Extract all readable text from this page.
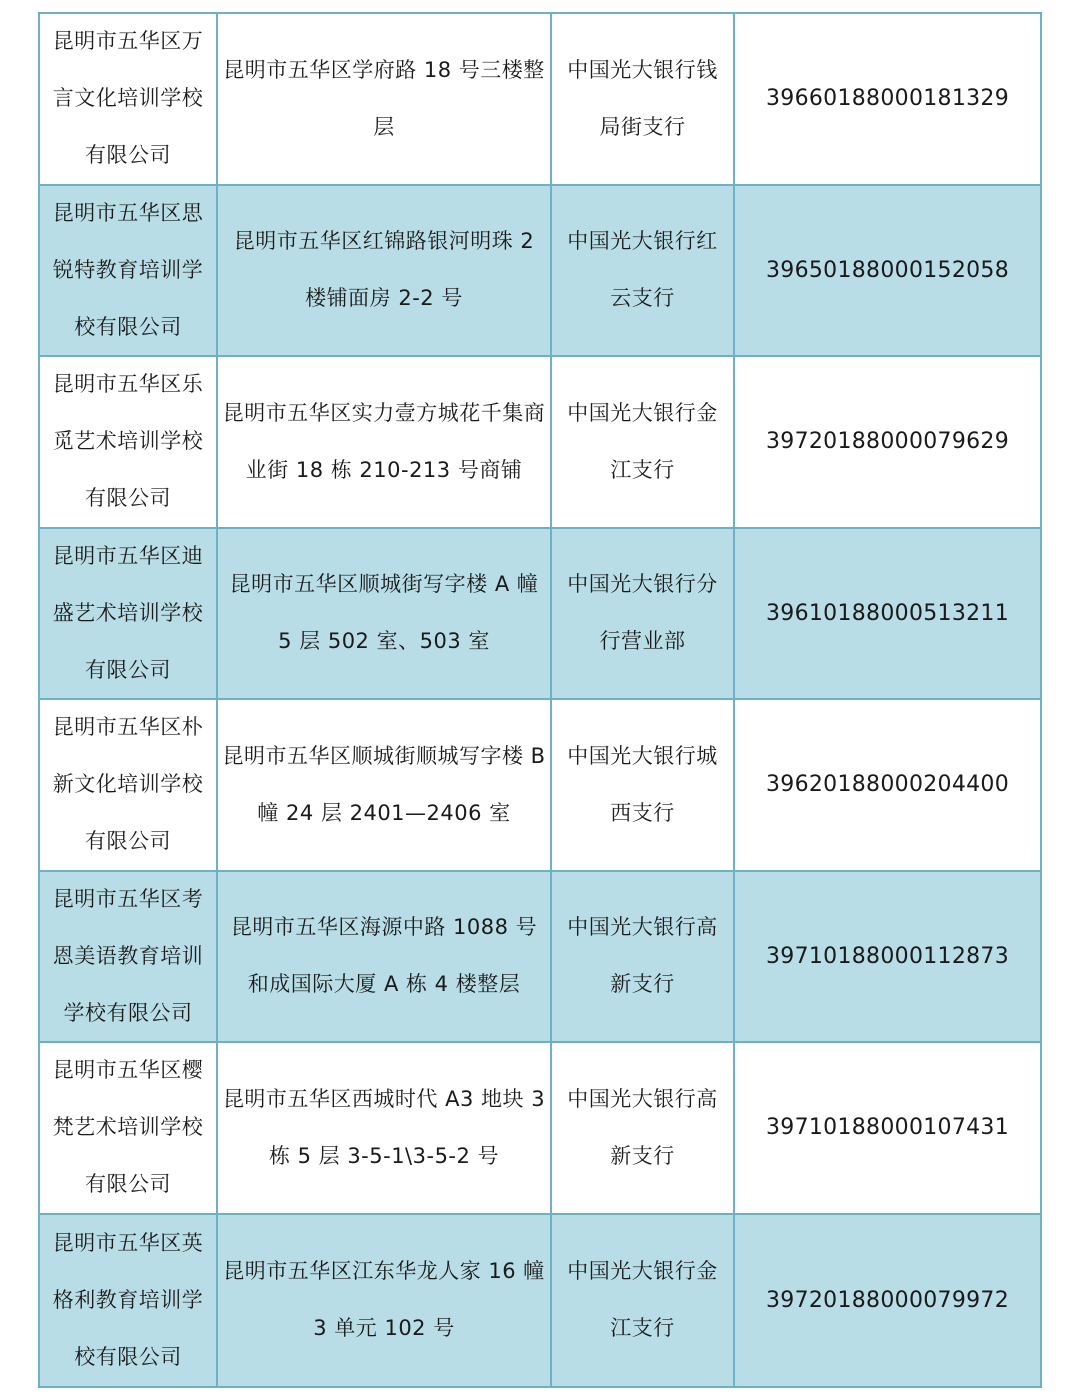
昆明市五华区万言文化培训学校有限公司
昆明市五华区学府路 18 号三楼整层
中国光大银行钱局街支行
39660188000181329
昆明市五华区思锐特教育培训学校有限公司
昆明市五华区红锦路银河明珠 2 楼铺面房 2-2 号
中国光大银行红云支行
39650188000152058
昆明市五华区乐觅艺术培训学校有限公司
昆明市五华区实力壹方城花千集商业街 18 栋 210-213 号商铺
中国光大银行金江支行
39720188000079629
昆明市五华区迪盛艺术培训学校有限公司
昆明市五华区顺城街写字楼 A 幢 5 层 502 室、503 室
中国光大银行分行营业部
39610188000513211
昆明市五华区朴新文化培训学校有限公司
昆明市五华区顺城街顺城写字楼 B 幢 24 层 2401—2406 室
中国光大银行城西支行
39620188000204400
昆明市五华区考恩美语教育培训学校有限公司
昆明市五华区海源中路 1088 号和成国际大厦 A 栋 4 楼整层
中国光大银行高新支行
39710188000112873
昆明市五华区樱梵艺术培训学校有限公司
昆明市五华区西城时代 A3 地块 3 栋 5 层 3-5-1\3-5-2 号
中国光大银行高新支行
39710188000107431
昆明市五华区英格利教育培训学校有限公司
昆明市五华区江东华龙人家 16 幢 3 单元 102 号
中国光大银行金江支行
39720188000079972
